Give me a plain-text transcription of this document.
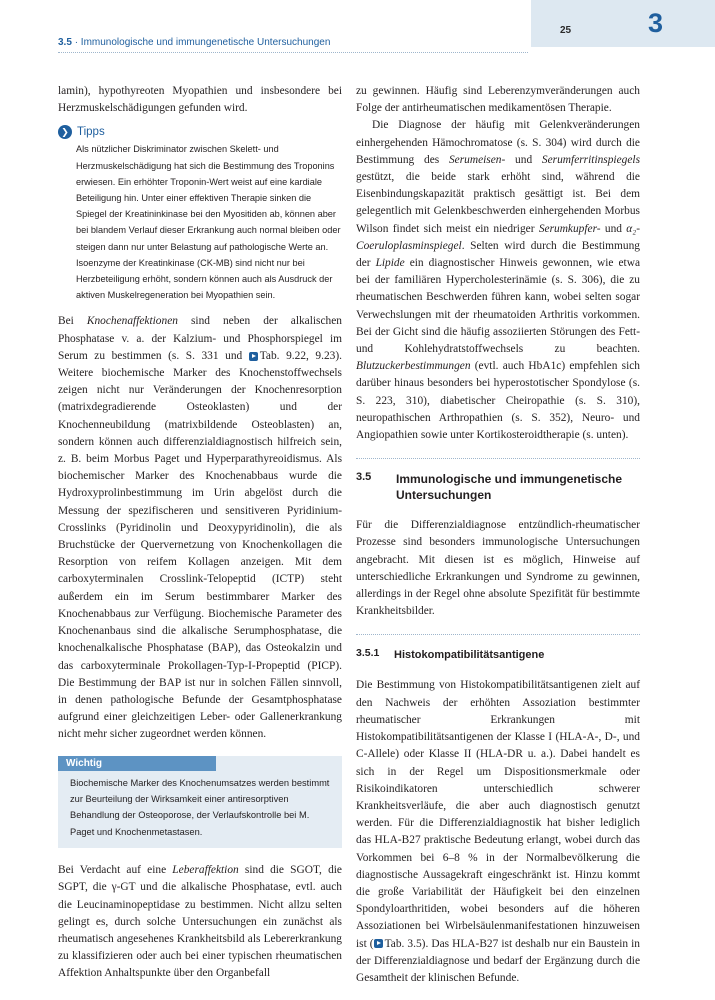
25	3
3.5 · Immunologische und immungenetische Untersuchungen

lamin), hypothyreoten Myopathien und insbesondere bei Herzmuskelschädigungen gefunden wird.

❯ Tipps
Als nützlicher Diskriminator zwischen Skelett- und Herzmuskelschädigung hat sich die Bestimmung des Troponins erwiesen. Ein erhöhter Troponin-Wert weist auf eine kardiale Beteiligung hin. Unter einer effektiven Therapie sinken die Spiegel der Kreatininkinase bei den Myositiden ab, können aber bei blandem Verlauf dieser Erkrankung auch normal bleiben oder steigen dann nur unter Belastung auf pathologische Werte an. Isoenzyme der Kreatinkinase (CK-MB) sind nicht nur bei Herzbeteiligung erhöht, sondern können auch als Ausdruck der aktiven Muskelregeneration bei Myopathien sein.

Bei Knochenaffektionen sind neben der alkalischen Phosphatase v. a. der Kalzium- und Phosphorspiegel im Serum zu bestimmen (s. S. 331 und Tab. 9.22, 9.23). Weitere biochemische Marker des Knochenstoffwechsels zeigen nicht nur Veränderungen der Knochenresorption (matrixdegradierende Osteoklasten) und der Knochenneubildung (matrixbildende Osteoblasten) an, sondern können auch differenzialdiagnostisch hilfreich sein, z. B. beim Morbus Paget und Hyperparathyreoidismus. Als biochemischer Marker des Knochenabbaus wurde die Hydroxyprolinbestimmung im Urin abgelöst durch die Messung der spezifischeren und sensitiveren Pyridinium-Crosslinks (Pyridinolin und Deoxypyridinolin), die als Bruchstücke der Quervernetzung von Knochenkollagen die Resorption von reifem Kollagen anzeigen. Mit dem carboxyterminalen Crosslink-Telopeptid (ICTP) steht außerdem ein im Serum bestimmbarer Marker des Knochenabbaus zur Verfügung. Biochemische Parameter des Knochenanbaus sind die alkalische Serumphosphatase, die knochenalkalische Phosphatase (BAP), das Osteokalzin und das carboxyterminale Prokollagen-Typ-I-Propeptid (PICP). Die Bestimmung der BAP ist nur in solchen Fällen sinnvoll, in denen pathologische Befunde der Gesamtphosphatase aufgrund einer gleichzeitigen Leber- oder Gallenerkrankung nicht mehr sicher zugeordnet werden können.

Wichtig
Biochemische Marker des Knochenumsatzes werden bestimmt zur Beurteilung der Wirksamkeit einer antiresorptiven Behandlung der Osteoporose, der Verlaufskontrolle bei M. Paget und Knochenmetastasen.

Bei Verdacht auf eine Leberaffektion sind die SGOT, die SGPT, die γ-GT und die alkalische Phosphatase, evtl. auch die Leucinaminopeptidase zu bestimmen. Nicht allzu selten gelingt es, durch solche Untersuchungen ein zunächst als rheumatisch angesehenes Krankheitsbild als Lebererkrankung zu klassifizieren oder auch bei einer typischen rheumatischen Affektion Anhaltspunkte über den Organbefall

zu gewinnen. Häufig sind Leberenzymveränderungen auch Folge der antirheumatischen medikamentösen Therapie.

Die Diagnose der häufig mit Gelenkveränderungen einhergehenden Hämochromatose (s. S. 304) wird durch die Bestimmung des Serumeisen- und Serumferritinspiegels gestützt, die beide stark erhöht sind, während die Eisenbindungskapazität praktisch gesättigt ist. Bei dem gelegentlich mit Gelenkbeschwerden einhergehenden Morbus Wilson findet sich meist ein niedriger Serumkupfer- und α₂-Coeruloplasminspiegel. Selten wird durch die Bestimmung der Lipide ein diagnostischer Hinweis gewonnen, wie etwa bei der familiären Hypercholesterinämie (s. S. 306), die zu rheumatischen Beschwerden führen kann, wobei selten sogar Verwechslungen mit der rheumatoiden Arthritis vorkommen. Bei der Gicht sind die häufig assoziierten Störungen des Fett- und Kohlehydratstoffwechsels zu beachten. Blutzuckerbestimmungen (evtl. auch HbA1c) empfehlen sich darüber hinaus besonders bei hyperostotischer Spondylose (s. S. 223, 310), diabetischer Cheiropathie (s. S. 310), neuropathischen Arthropathien (s. S. 352), Neuro- und Angiopathien sowie unter Kortikosteroidtherapie (s. unten).

3.5	Immunologische und immungenetische Untersuchungen

Für die Differenzialdiagnose entzündlich-rheumatischer Prozesse sind besonders immunologische Untersuchungen angebracht. Mit diesen ist es möglich, Hinweise auf unterschiedliche Erkrankungen und Syndrome zu gewinnen, allerdings in der Regel ohne absolute Spezifität für bestimmte Krankheitsbilder.

3.5.1	Histokompatibilitätsantigene

Die Bestimmung von Histokompatibilitätsantigenen zielt auf den Nachweis der erhöhten Assoziation bestimmter rheumatischer Erkrankungen mit Histokompatibilitätsantigenen der Klasse I (HLA-A-, D-, und C-Allele) oder Klasse II (HLA-DR u. a.). Dabei handelt es sich in der Regel um Dispositionsmerkmale oder Risikoindikatoren unterschiedlich schwerer Krankheitsverläufe, die aber auch diagnostisch genutzt werden. Für die Differenzialdiagnostik hat bisher lediglich das HLA-B27 praktische Bedeutung erlangt, wobei durch das Vorkommen bei 6–8 % in der Normalbevölkerung die diagnostische Aussagekraft eingeschränkt ist. Hinzu kommt die große Variabilität der Häufigkeit bei den einzelnen Spondyloarthritiden, wobei besonders auf die höheren Assoziationen bei Wirbelsäulenmanifestationen hinzuweisen ist ( Tab. 3.5). Das HLA-B27 ist deshalb nur ein Baustein in der Differenzialdiagnose und bedarf der Ergänzung durch die Gesamtheit der klinischen Befunde.
